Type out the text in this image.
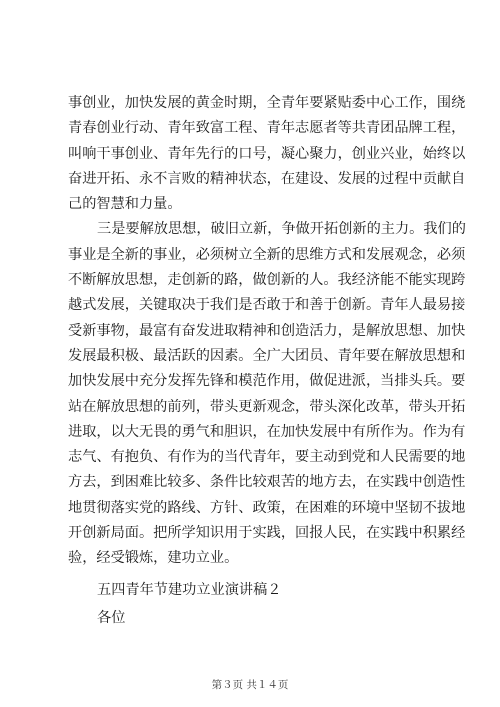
事创业，加快发展的黄金时期，全青年要紧贴委中心工作，围绕
青春创业行动、青年致富工程、青年志愿者等共青团品牌工程，
叫响干事创业、青年先行的口号，凝心聚力，创业兴业，始终以
奋进开拓、永不言败的精神状态，在建设、发展的过程中贡献自
己的智慧和力量。
三是要解放思想，破旧立新，争做开拓创新的主力。我们的
事业是全新的事业，必须树立全新的思维方式和发展观念，必须
不断解放思想，走创新的路，做创新的人。我经济能不能实现跨
越式发展，关键取决于我们是否敢于和善于创新。青年人最易接
受新事物，最富有奋发进取精神和创造活力，是解放思想、加快
发展最积极、最活跃的因素。全广大团员、青年要在解放思想和
加快发展中充分发挥先锋和模范作用，做促进派，当排头兵。要
站在解放思想的前列，带头更新观念，带头深化改革，带头开拓
进取，以大无畏的勇气和胆识，在加快发展中有所作为。作为有
志气、有抱负、有作为的当代青年，要主动到党和人民需要的地
方去，到困难比较多、条件比较艰苦的地方去，在实践中创造性
地贯彻落实党的路线、方针、政策，在困难的环境中坚韧不拔地
开创新局面。把所学知识用于实践，回报人民，在实践中积累经
验，经受锻炼，建功立业。
五四青年节建功立业演讲稿２
各位
第３页 共１４页
